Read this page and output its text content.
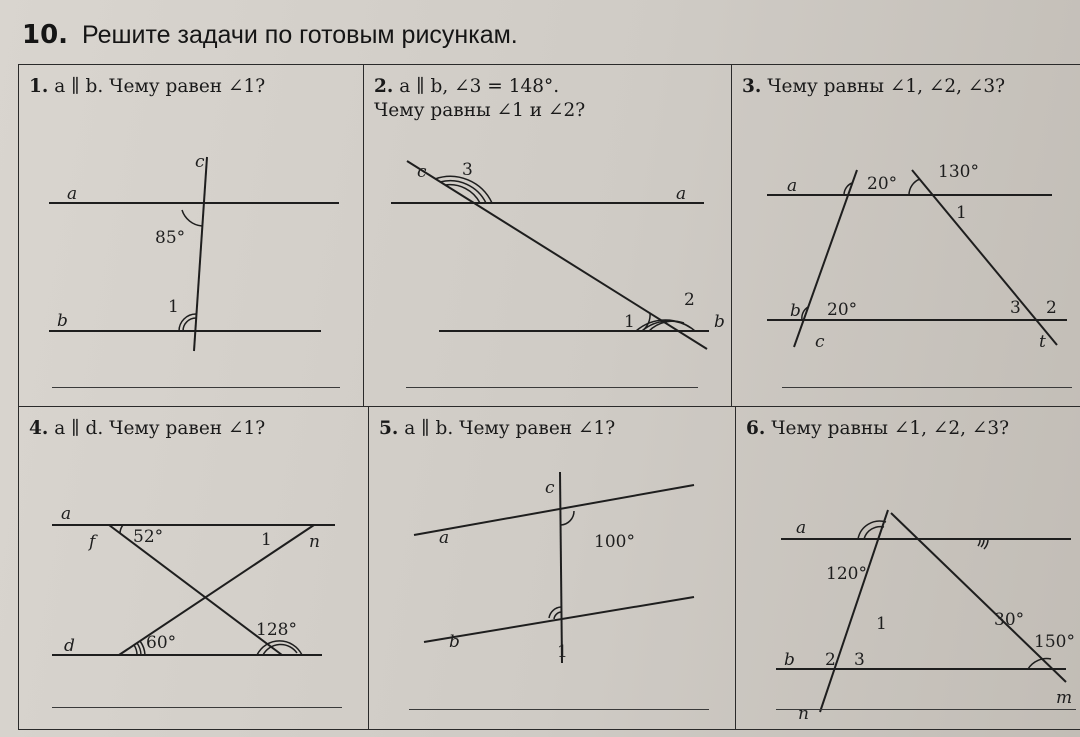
10. Решите задачи по готовым рисункам.
1. a ∥ b. Чему равен ∠1?
a
b
c
85°
1
2. a ∥ b, ∠3 = 148°.
Чему равны ∠1 и ∠2?
a
b
c 3
1
2
3. Чему равны ∠1, ∠2, ∠3?
a
b
c	t
20°
130°
20°
1
3 2
4. a ∥ d. Чему равен ∠1?
a
d
f	n
52°
60°
128°
1
5. a ∥ b. Чему равен ∠1?
a
b
c
100°
1
6. Чему равны ∠1, ∠2, ∠3?
a
b
n
m
120°
30°
150°
1
2 3
